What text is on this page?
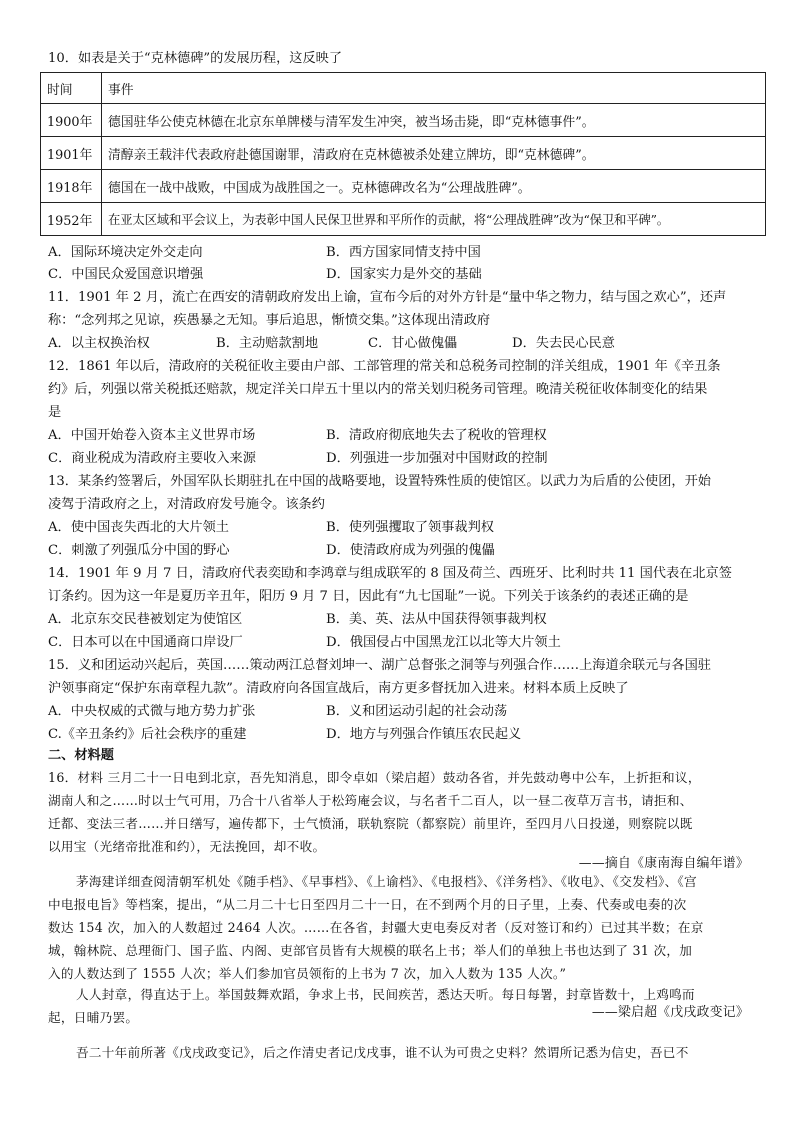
10．如表是关于“克林德碑”的发展历程，这反映了
时间	事件
1900年	德国驻华公使克林德在北京东单牌楼与清军发生冲突，被当场击毙，即“克林德事件”。
1901年	清醇亲王载沣代表政府赴德国谢罪，清政府在克林德被杀处建立牌坊，即“克林德碑”。
1918年	德国在一战中战败，中国成为战胜国之一。克林德碑改名为“公理战胜碑”。
1952年	在亚太区域和平会议上，为表彰中国人民保卫世界和平所作的贡献，将“公理战胜碑”改为“保卫和平碑”。
A．国际环境决定外交走向	B．西方国家同情支持中国
C．中国民众爱国意识增强	D．国家实力是外交的基础
11．1901 年 2 月，流亡在西安的清朝政府发出上谕，宣布今后的对外方针是“量中华之物力，结与国之欢心”，还声
称：“念列邦之见谅，疾愚暴之无知。事后追思，惭愤交集。”这体现出清政府
A．以主权换治权	B．主动赔款割地	C．甘心做傀儡	D．失去民心民意
12．1861 年以后，清政府的关税征收主要由户部、工部管理的常关和总税务司控制的洋关组成，1901 年《辛丑条
约》后，列强以常关税抵还赔款，规定洋关口岸五十里以内的常关划归税务司管理。晚清关税征收体制变化的结果
是
A．中国开始卷入资本主义世界市场	B．清政府彻底地失去了税收的管理权
C．商业税成为清政府主要收入来源	D．列强进一步加强对中国财政的控制
13．某条约签署后，外国军队长期驻扎在中国的战略要地，设置特殊性质的使馆区。以武力为后盾的公使团，开始
凌驾于清政府之上，对清政府发号施令。该条约
A．使中国丧失西北的大片领土	B．使列强攫取了领事裁判权
C．刺激了列强瓜分中国的野心	D．使清政府成为列强的傀儡
14．1901 年 9 月 7 日，清政府代表奕劻和李鸿章与组成联军的 8 国及荷兰、西班牙、比利时共 11 国代表在北京签
订条约。因为这一年是夏历辛丑年，阳历 9 月 7 日，因此有“九七国耻”一说。下列关于该条约的表述正确的是
A．北京东交民巷被划定为使馆区	B．美、英、法从中国获得领事裁判权
C．日本可以在中国通商口岸设厂	D．俄国侵占中国黑龙江以北等大片领土
15．义和团运动兴起后，英国……策动两江总督刘坤一、湖广总督张之洞等与列强合作……上海道余联元与各国驻
沪领事商定“保护东南章程九款”。清政府向各国宣战后，南方更多督抚加入进来。材料本质上反映了
A．中央权威的式微与地方势力扩张	B．义和团运动引起的社会动荡
C.《辛丑条约》后社会秩序的重建	D．地方与列强合作镇压农民起义
二、材料题
16．材料 三月二十一日电到北京，吾先知消息，即令卓如（梁启超）鼓动各省，并先鼓动粤中公车，上折拒和议，
湖南人和之……时以士气可用，乃合十八省举人于松筠庵会议，与名者千二百人，以一昼二夜草万言书，请拒和、
迁都、变法三者……并日缮写，遍传都下，士气愤涌，联轨察院（都察院）前里许，至四月八日投递，则察院以既
以用宝（光绪帝批准和约），无法挽回，却不收。
——摘自《康南海自编年谱》
茅海建详细查阅清朝军机处《随手档》、《早事档》、《上谕档》、《电报档》、《洋务档》、《收电》、《交发档》、《宫
中电报电旨》等档案，提出，“从二月二十七日至四月二十一日，在不到两个月的日子里，上奏、代奏或电奏的次
数达 154 次，加入的人数超过 2464 人次。……在各省，封疆大吏电奏反对者（反对签订和约）已过其半数；在京
城，翰林院、总理衙门、国子监、内阁、吏部官员皆有大规模的联名上书；举人们的单独上书也达到了 31 次，加
入的人数达到了 1555 人次；举人们参加官员领衔的上书为 7 次，加入人数为 135 人次。”
人人封章，得直达于上。举国鼓舞欢蹈，争求上书，民间疾苦，悉达天听。每日每署，封章皆数十，上鸡鸣而
起，日晡乃罢。	——梁启超《戊戌政变记》
吾二十年前所著《戊戌政变记》，后之作清史者记戊戌事，谁不认为可贵之史料？然谓所记悉为信史，吾已不
